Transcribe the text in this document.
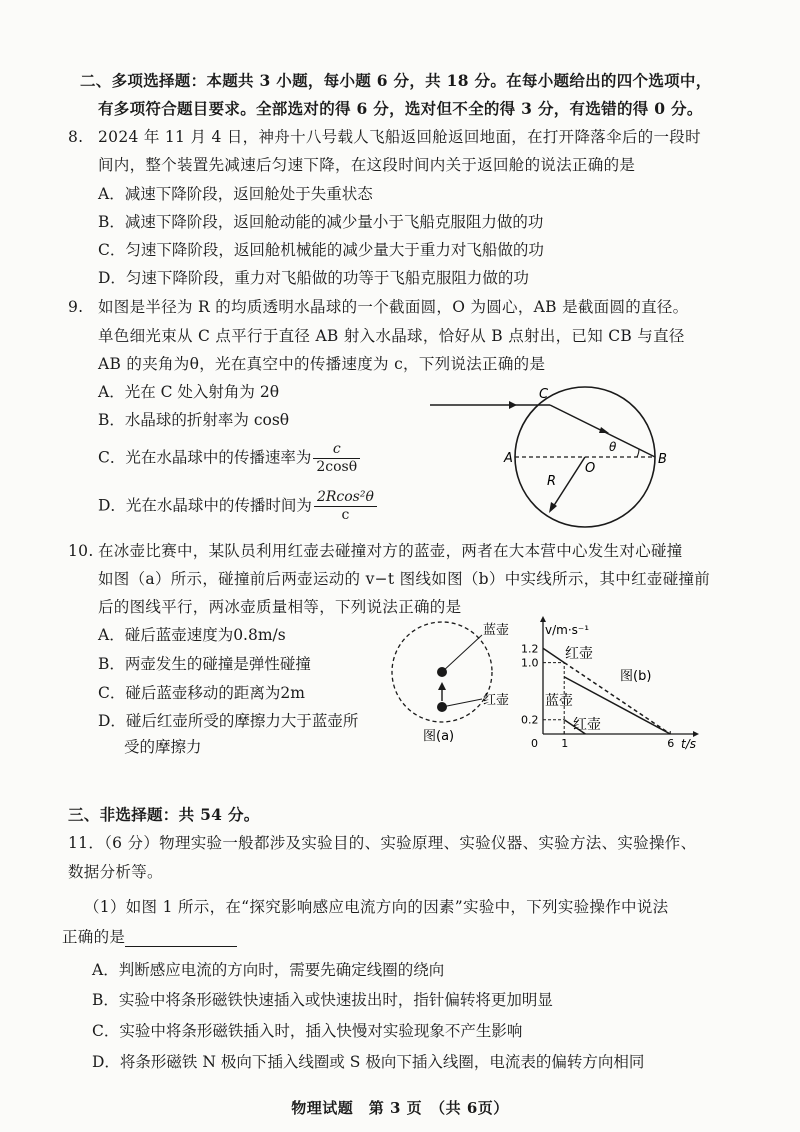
二、多项选择题：本题共 3 小题，每小题 6 分，共 18 分。在每小题给出的四个选项中，
有多项符合题目要求。全部选对的得 6 分，选对但不全的得 3 分，有选错的得 0 分。
8. 2024 年 11 月 4 日，神舟十八号载人飞船返回舱返回地面，在打开降落伞后的一段时
间内，整个装置先减速后匀速下降，在这段时间内关于返回舱的说法正确的是
A．减速下降阶段，返回舱处于失重状态
B．减速下降阶段，返回舱动能的减少量小于飞船克服阻力做的功
C．匀速下降阶段，返回舱机械能的减少量大于重力对飞船做的功
D．匀速下降阶段，重力对飞船做的功等于飞船克服阻力做的功
9. 如图是半径为 R 的均质透明水晶球的一个截面圆，O 为圆心，AB 是截面圆的直径。
单色细光束从 C 点平行于直径 AB 射入水晶球，恰好从 B 点射出，已知 CB 与直径
AB 的夹角为θ，光在真空中的传播速度为 c，下列说法正确的是
A．光在 C 处入射角为 2θ
B．水晶球的折射率为 cosθ
C．光在水晶球中的传播速率为 $\frac{c}{2\cos\theta}$
D．光在水晶球中的传播时间为 $\frac{\text{2Rcos²θ}}{c}$
C
A	B
O
R
θ
10. 在冰壶比赛中，某队员利用红壶去碰撞对方的蓝壶，两者在大本营中心发生对心碰撞
如图（a）所示，碰撞前后两壶运动的 v−t 图线如图（b）中实线所示，其中红壶碰撞前
后的图线平行，两冰壶质量相等，下列说法正确的是
A．碰后蓝壶速度为0.8m/s
B．两壶发生的碰撞是弹性碰撞
C．碰后蓝壶移动的距离为2m
D．碰后红壶所受的摩擦力大于蓝壶所
受的摩擦力
蓝壶
红壶
图(a)
0.2
1.0
1.2
0 1	6
v/m·s⁻¹
t/s
图(b)
红壶
蓝壶
红壶
三、非选择题：共 54 分。
11．（6 分）物理实验一般都涉及实验目的、实验原理、实验仪器、实验方法、实验操作、
数据分析等。
（1）如图 1 所示，在“探究影响感应电流方向的因素”实验中，下列实验操作中说法
正确的是
A．判断感应电流的方向时，需要先确定线圈的绕向
B．实验中将条形磁铁快速插入或快速拔出时，指针偏转将更加明显
C．实验中将条形磁铁插入时，插入快慢对实验现象不产生影响
D．将条形磁铁 N 极向下插入线圈或 S 极向下插入线圈，电流表的偏转方向相同
物理试题　第 3 页　（共 6页）
